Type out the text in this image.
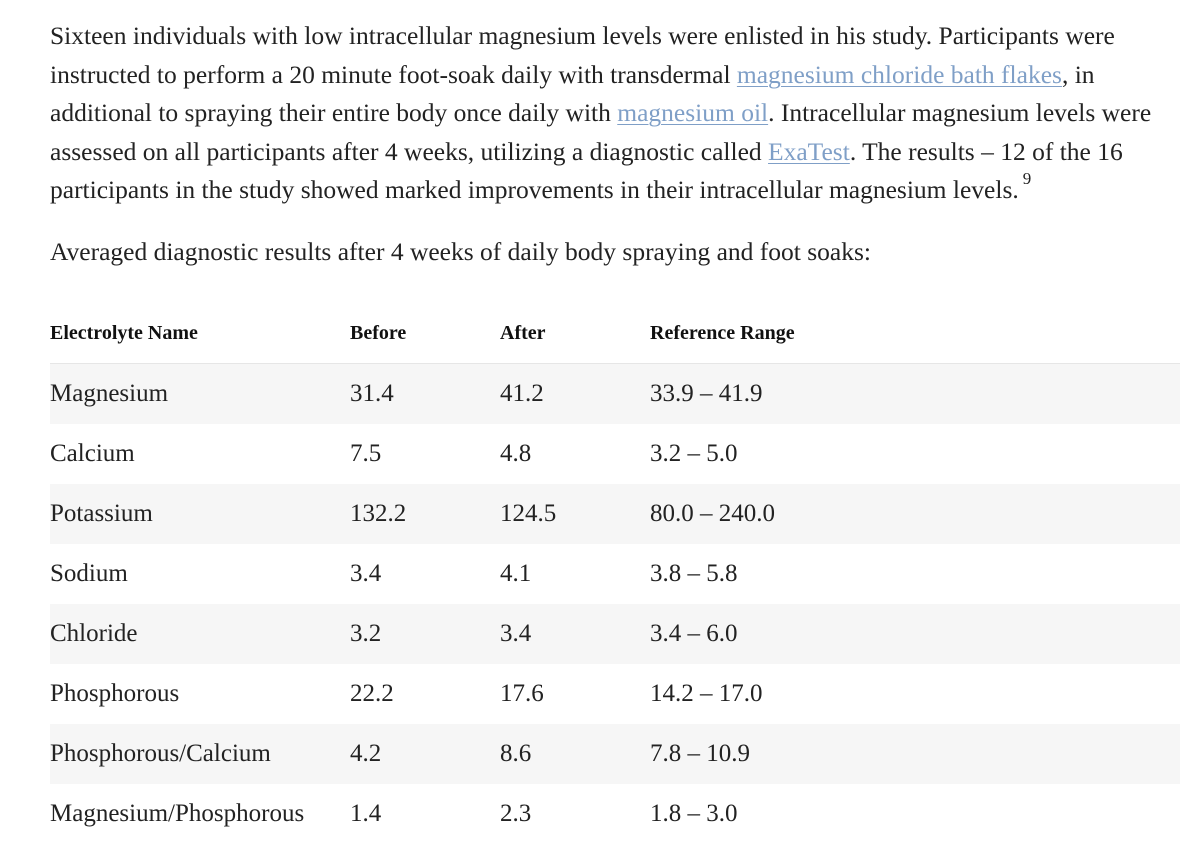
Sixteen individuals with low intracellular magnesium levels were enlisted in his study. Participants were instructed to perform a 20 minute foot-soak daily with transdermal magnesium chloride bath flakes, in additional to spraying their entire body once daily with magnesium oil. Intracellular magnesium levels were assessed on all participants after 4 weeks, utilizing a diagnostic called ExaTest. The results – 12 of the 16 participants in the study showed marked improvements in their intracellular magnesium levels. $^9$

Averaged diagnostic results after 4 weeks of daily body spraying and foot soaks:

Electrolyte Name	Before	After	Reference Range
Magnesium	31.4	41.2	33.9 – 41.9
Calcium	7.5	4.8	3.2 – 5.0
Potassium	132.2	124.5	80.0 – 240.0
Sodium	3.4	4.1	3.8 – 5.8
Chloride	3.2	3.4	3.4 – 6.0
Phosphorous	22.2	17.6	14.2 – 17.0
Phosphorous/Calcium	4.2	8.6	7.8 – 10.9
Magnesium/Phosphorous	1.4	2.3	1.8 – 3.0
